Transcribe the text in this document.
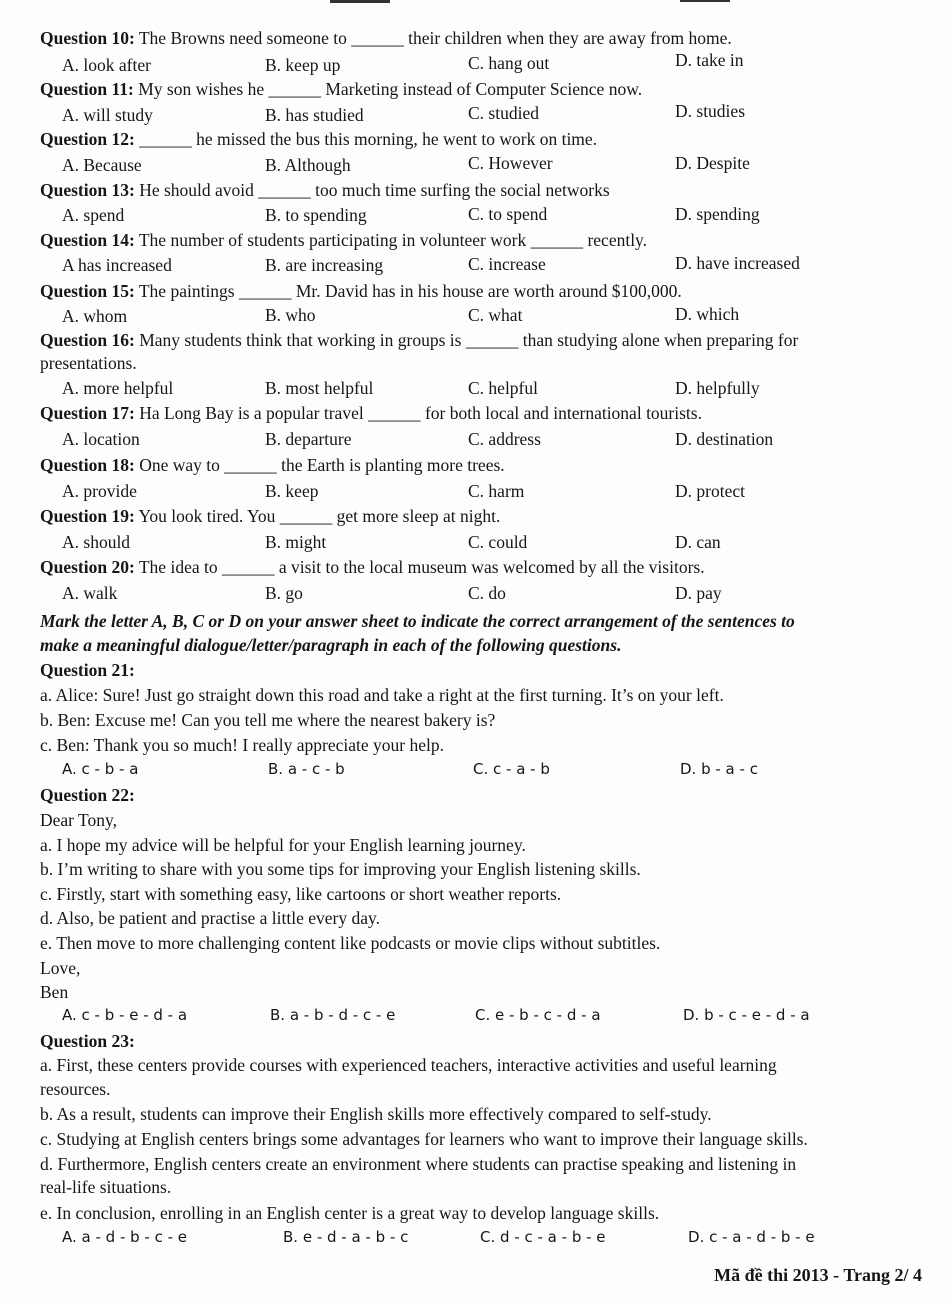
Question 10: The Browns need someone to ______ their children when they are away from home.
A. look after	B. keep up	C. hang out	D. take in
Question 11: My son wishes he ______ Marketing instead of Computer Science now.
A. will study	B. has studied	C. studied	D. studies
Question 12: ______ he missed the bus this morning, he went to work on time.
A. Because	B. Although	C. However	D. Despite
Question 13: He should avoid ______ too much time surfing the social networks
A. spend	B. to spending	C. to spend	D. spending
Question 14: The number of students participating in volunteer work ______ recently.
A has increased	B. are increasing	C. increase	D. have increased
Question 15: The paintings ______ Mr. David has in his house are worth around $100,000.
A. whom	B. who	C. what	D. which
Question 16: Many students think that working in groups is ______ than studying alone when preparing for
presentations.
A. more helpful	B. most helpful	C. helpful	D. helpfully
Question 17: Ha Long Bay is a popular travel ______ for both local and international tourists.
A. location	B. departure	C. address	D. destination
Question 18: One way to ______ the Earth is planting more trees.
A. provide	B. keep	C. harm	D. protect
Question 19: You look tired. You ______ get more sleep at night.
A. should	B. might	C. could	D. can
Question 20: The idea to ______ a visit to the local museum was welcomed by all the visitors.
A. walk	B. go	C. do	D. pay
Mark the letter A, B, C or D on your answer sheet to indicate the correct arrangement of the sentences to
make a meaningful dialogue/letter/paragraph in each of the following questions.
Question 21:
a. Alice: Sure! Just go straight down this road and take a right at the first turning. It’s on your left.
b. Ben: Excuse me! Can you tell me where the nearest bakery is?
c. Ben: Thank you so much! I really appreciate your help.
A. c - b - a	B. a - c - b	C. c - a - b	D. b - a - c
Question 22:
Dear Tony,
a. I hope my advice will be helpful for your English learning journey.
b. I’m writing to share with you some tips for improving your English listening skills.
c. Firstly, start with something easy, like cartoons or short weather reports.
d. Also, be patient and practise a little every day.
e. Then move to more challenging content like podcasts or movie clips without subtitles.
Love,
Ben
A. c - b - e - d - a	B. a - b - d - c - e	C. e - b - c - d - a	D. b - c - e - d - a
Question 23:
a. First, these centers provide courses with experienced teachers, interactive activities and useful learning
resources.
b. As a result, students can improve their English skills more effectively compared to self-study.
c. Studying at English centers brings some advantages for learners who want to improve their language skills.
d. Furthermore, English centers create an environment where students can practise speaking and listening in
real-life situations.
e. In conclusion, enrolling in an English center is a great way to develop language skills.
A. a - d - b - c - e	B. e - d - a - b - c	C. d - c - a - b - e	D. c - a - d - b - e
Mã đề thi 2013 - Trang 2/ 4
